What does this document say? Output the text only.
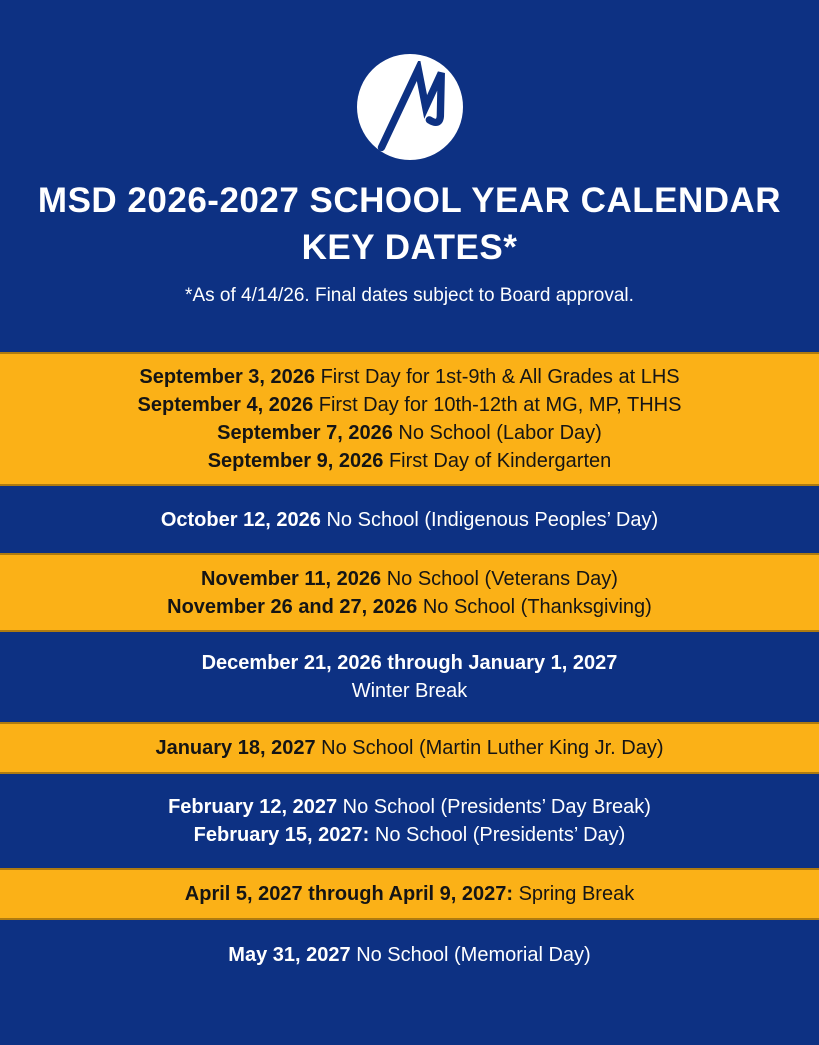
MSD 2026-2027 SCHOOL YEAR CALENDAR
KEY DATES*

*As of 4/14/26. Final dates subject to Board approval.

September 3, 2026 First Day for 1st-9th & All Grades at LHS
September 4, 2026 First Day for 10th-12th at MG, MP, THHS
September 7, 2026 No School (Labor Day)
September 9, 2026 First Day of Kindergarten
October 12, 2026 No School (Indigenous Peoples’ Day)
November 11, 2026 No School (Veterans Day)
November 26 and 27, 2026 No School (Thanksgiving)
December 21, 2026 through January 1, 2027
Winter Break
January 18, 2027 No School (Martin Luther King Jr. Day)
February 12, 2027 No School (Presidents’ Day Break)
February 15, 2027: No School (Presidents’ Day)
April 5, 2027 through April 9, 2027: Spring Break
May 31, 2027 No School (Memorial Day)
